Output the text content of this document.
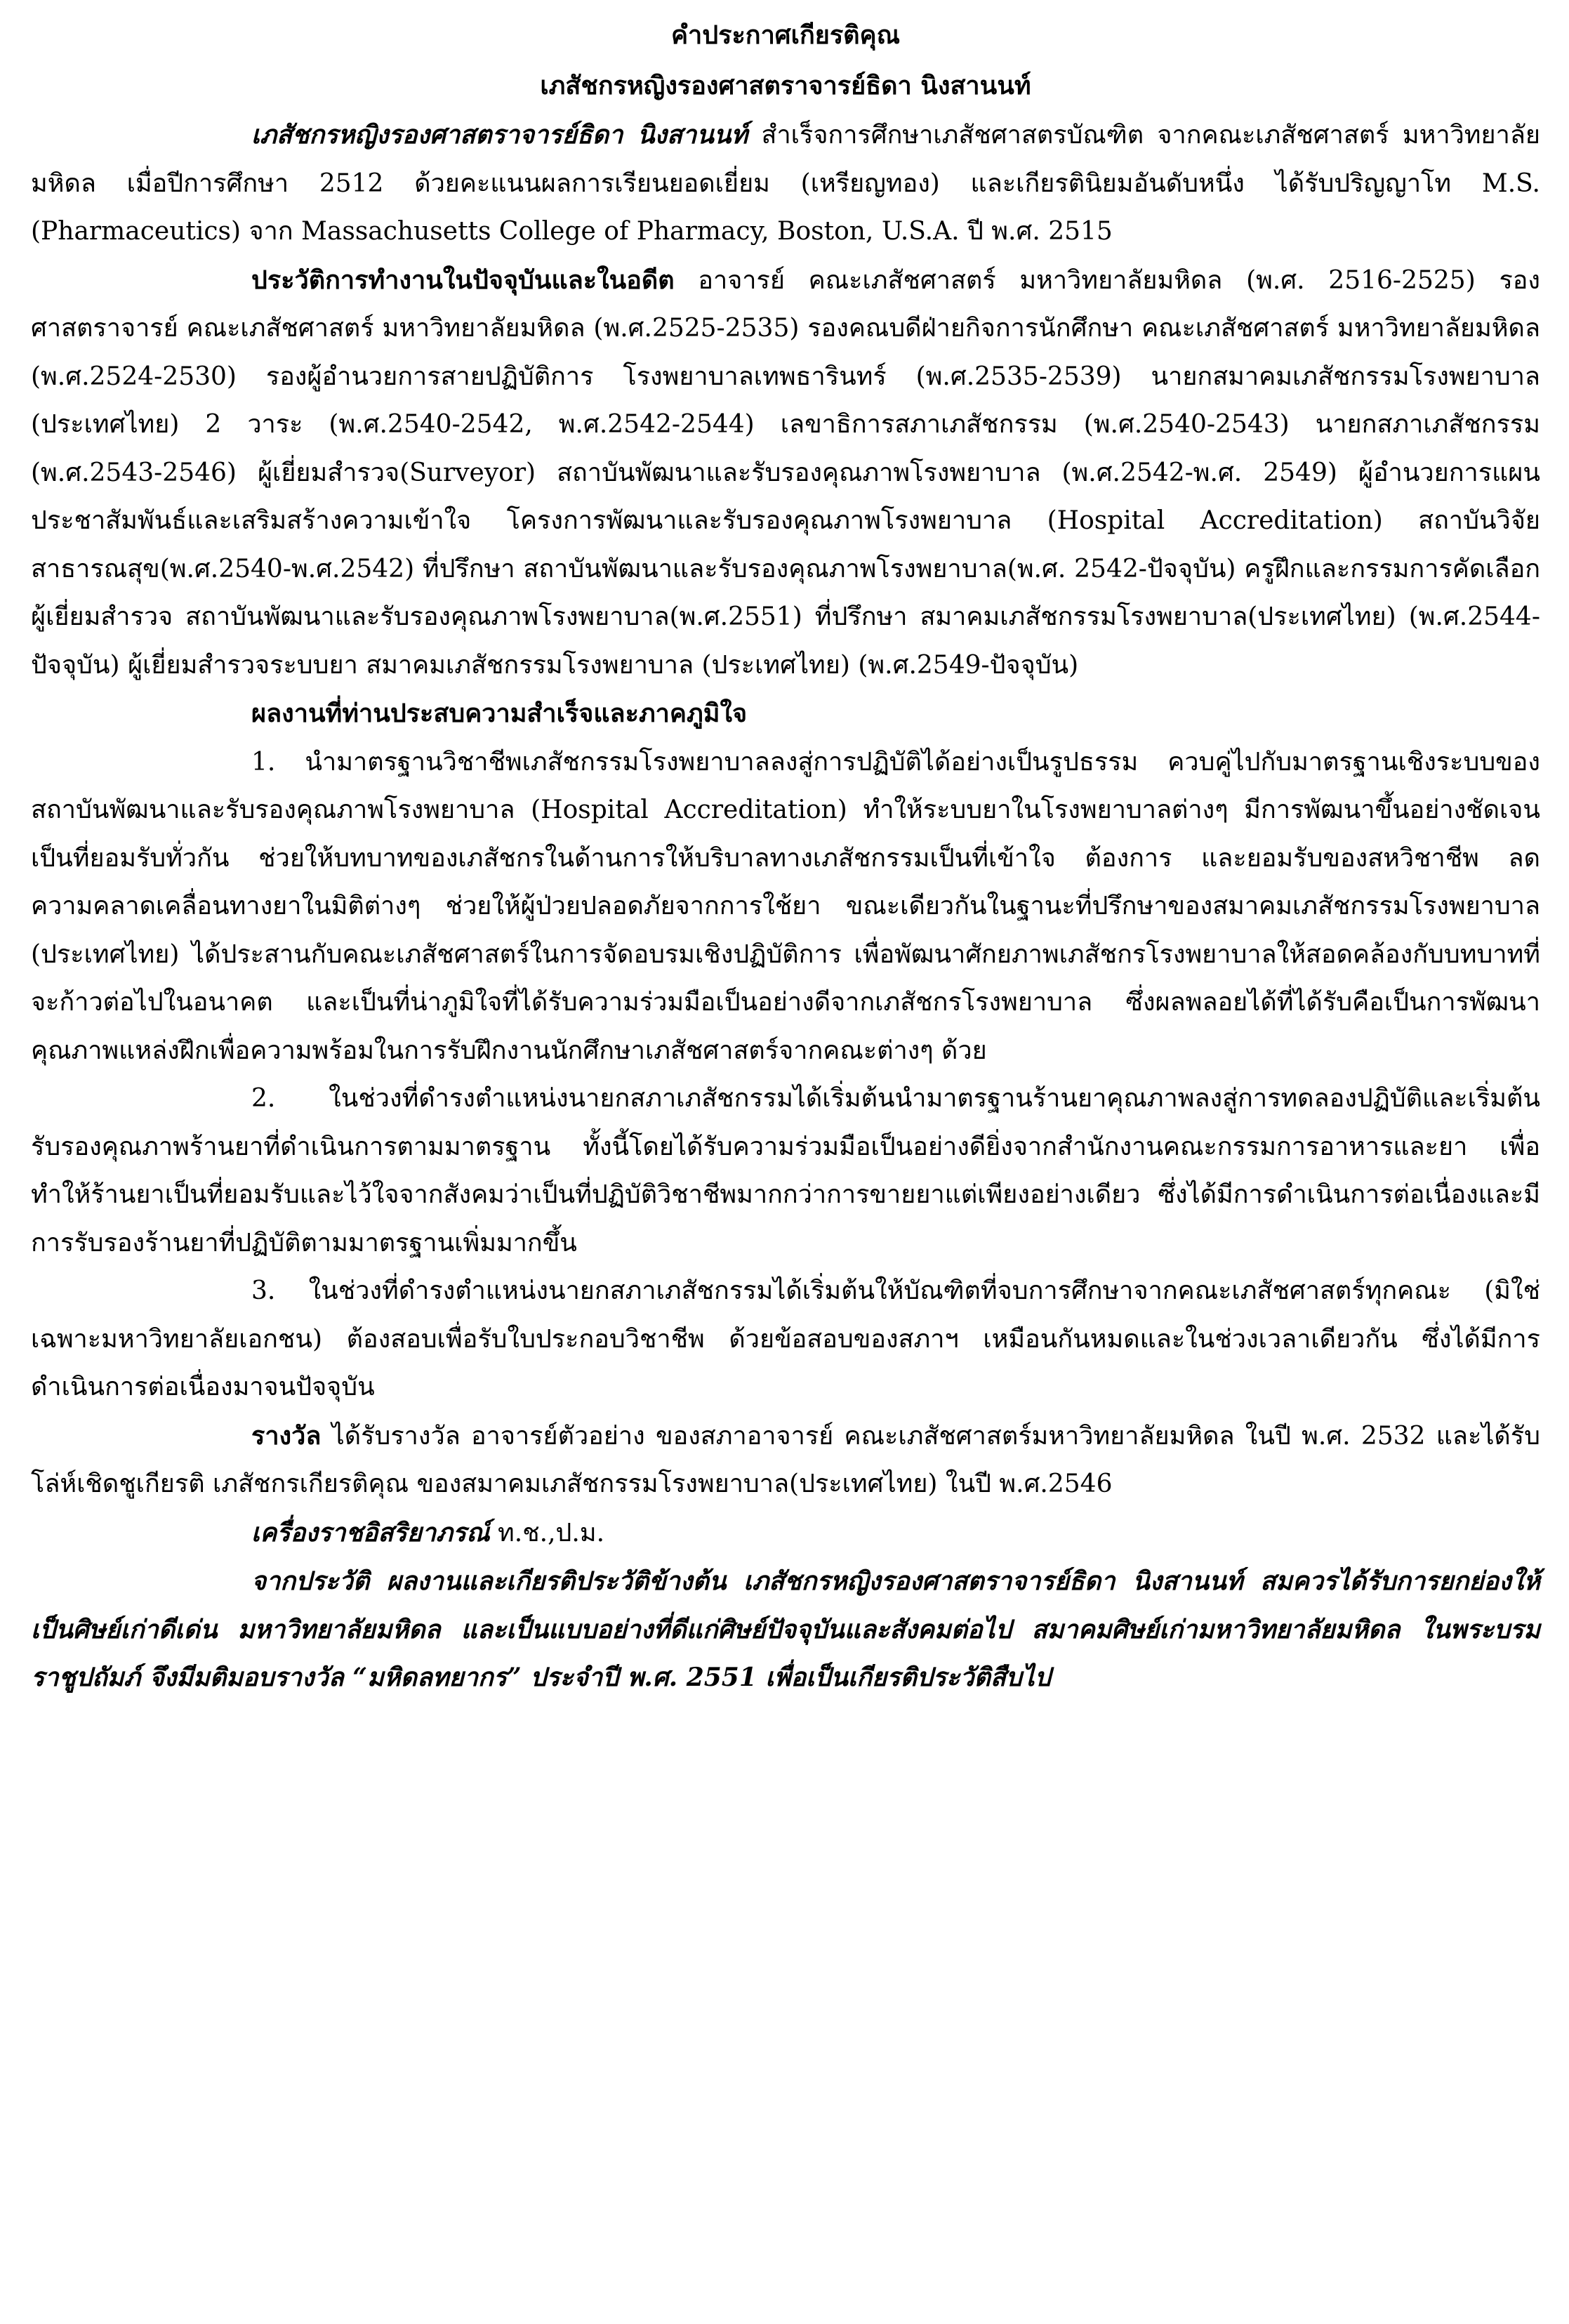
คำประกาศเกียรติคุณ
เภสัชกรหญิงรองศาสตราจารย์ธิดา นิงสานนท์

เภสัชกรหญิงรองศาสตราจารย์ธิดา นิงสานนท์ สำเร็จการศึกษาเภสัชศาสตรบัณฑิต จากคณะเภสัชศาสตร์ มหาวิทยาลัยมหิดล เมื่อปีการศึกษา 2512 ด้วยคะแนนผลการเรียนยอดเยี่ยม (เหรียญทอง) และเกียรตินิยมอันดับหนึ่ง ได้รับปริญญาโท M.S. (Pharmaceutics) จาก Massachusetts College of Pharmacy, Boston, U.S.A. ปี พ.ศ. 2515

ประวัติการทำงานในปัจจุบันและในอดีต อาจารย์ คณะเภสัชศาสตร์ มหาวิทยาลัยมหิดล (พ.ศ. 2516-2525) รองศาสตราจารย์ คณะเภสัชศาสตร์ มหาวิทยาลัยมหิดล (พ.ศ.2525-2535) รองคณบดีฝ่ายกิจการนักศึกษา คณะเภสัชศาสตร์ มหาวิทยาลัยมหิดล (พ.ศ.2524-2530) รองผู้อำนวยการสายปฏิบัติการ โรงพยาบาลเทพธารินทร์ (พ.ศ.2535-2539) นายกสมาคมเภสัชกรรมโรงพยาบาล (ประเทศไทย) 2 วาระ (พ.ศ.2540-2542, พ.ศ.2542-2544) เลขาธิการสภาเภสัชกรรม (พ.ศ.2540-2543) นายกสภาเภสัชกรรม (พ.ศ.2543-2546) ผู้เยี่ยมสำรวจ(Surveyor) สถาบันพัฒนาและรับรองคุณภาพโรงพยาบาล (พ.ศ.2542-พ.ศ. 2549) ผู้อำนวยการแผนประชาสัมพันธ์และเสริมสร้างความเข้าใจ โครงการพัฒนาและรับรองคุณภาพโรงพยาบาล (Hospital Accreditation) สถาบันวิจัยสาธารณสุข(พ.ศ.2540-พ.ศ.2542) ที่ปรึกษา สถาบันพัฒนาและรับรองคุณภาพโรงพยาบาล(พ.ศ. 2542-ปัจจุบัน) ครูฝึกและกรรมการคัดเลือกผู้เยี่ยมสำรวจ สถาบันพัฒนาและรับรองคุณภาพโรงพยาบาล(พ.ศ.2551) ที่ปรึกษา สมาคมเภสัชกรรมโรงพยาบาล(ประเทศไทย) (พ.ศ.2544-ปัจจุบัน) ผู้เยี่ยมสำรวจระบบยา สมาคมเภสัชกรรมโรงพยาบาล (ประเทศไทย) (พ.ศ.2549-ปัจจุบัน)

ผลงานที่ท่านประสบความสำเร็จและภาคภูมิใจ

1. นำมาตรฐานวิชาชีพเภสัชกรรมโรงพยาบาลลงสู่การปฏิบัติได้อย่างเป็นรูปธรรม ควบคู่ไปกับมาตรฐานเชิงระบบของสถาบันพัฒนาและรับรองคุณภาพโรงพยาบาล (Hospital Accreditation) ทำให้ระบบยาในโรงพยาบาลต่างๆ มีการพัฒนาขึ้นอย่างชัดเจนเป็นที่ยอมรับทั่วกัน ช่วยให้บทบาทของเภสัชกรในด้านการให้บริบาลทางเภสัชกรรมเป็นที่เข้าใจ ต้องการ และยอมรับของสหวิชาชีพ ลดความคลาดเคลื่อนทางยาในมิติต่างๆ ช่วยให้ผู้ป่วยปลอดภัยจากการใช้ยา ขณะเดียวกันในฐานะที่ปรึกษาของสมาคมเภสัชกรรมโรงพยาบาล (ประเทศไทย) ได้ประสานกับคณะเภสัชศาสตร์ในการจัดอบรมเชิงปฏิบัติการ เพื่อพัฒนาศักยภาพเภสัชกรโรงพยาบาลให้สอดคล้องกับบทบาทที่จะก้าวต่อไปในอนาคต และเป็นที่น่าภูมิใจที่ได้รับความร่วมมือเป็นอย่างดีจากเภสัชกรโรงพยาบาล ซึ่งผลพลอยได้ที่ได้รับคือเป็นการพัฒนาคุณภาพแหล่งฝึกเพื่อความพร้อมในการรับฝึกงานนักศึกษาเภสัชศาสตร์จากคณะต่างๆ ด้วย

2. ในช่วงที่ดำรงตำแหน่งนายกสภาเภสัชกรรมได้เริ่มต้นนำมาตรฐานร้านยาคุณภาพลงสู่การทดลองปฏิบัติและเริ่มต้นรับรองคุณภาพร้านยาที่ดำเนินการตามมาตรฐาน ทั้งนี้โดยได้รับความร่วมมือเป็นอย่างดียิ่งจากสำนักงานคณะกรรมการอาหารและยา เพื่อทำให้ร้านยาเป็นที่ยอมรับและไว้ใจจากสังคมว่าเป็นที่ปฏิบัติวิชาชีพมากกว่าการขายยาแต่เพียงอย่างเดียว ซึ่งได้มีการดำเนินการต่อเนื่องและมีการรับรองร้านยาที่ปฏิบัติตามมาตรฐานเพิ่มมากขึ้น

3. ในช่วงที่ดำรงตำแหน่งนายกสภาเภสัชกรรมได้เริ่มต้นให้บัณฑิตที่จบการศึกษาจากคณะเภสัชศาสตร์ทุกคณะ (มิใช่เฉพาะมหาวิทยาลัยเอกชน) ต้องสอบเพื่อรับใบประกอบวิชาชีพ ด้วยข้อสอบของสภาฯ เหมือนกันหมดและในช่วงเวลาเดียวกัน ซึ่งได้มีการดำเนินการต่อเนื่องมาจนปัจจุบัน

รางวัล ได้รับรางวัล อาจารย์ตัวอย่าง ของสภาอาจารย์ คณะเภสัชศาสตร์มหาวิทยาลัยมหิดล ในปี พ.ศ. 2532 และได้รับโล่ห์เชิดชูเกียรติ เภสัชกรเกียรติคุณ ของสมาคมเภสัชกรรมโรงพยาบาล(ประเทศไทย) ในปี พ.ศ.2546

เครื่องราชอิสริยาภรณ์ ท.ช.,ป.ม.

จากประวัติ ผลงานและเกียรติประวัติข้างต้น เภสัชกรหญิงรองศาสตราจารย์ธิดา นิงสานนท์ สมควรได้รับการยกย่องให้เป็นศิษย์เก่าดีเด่น มหาวิทยาลัยมหิดล และเป็นแบบอย่างที่ดีแก่ศิษย์ปัจจุบันและสังคมต่อไป สมาคมศิษย์เก่ามหาวิทยาลัยมหิดล ในพระบรมราชูปถัมภ์ จึงมีมติมอบรางวัล “มหิดลทยากร” ประจำปี พ.ศ. 2551 เพื่อเป็นเกียรติประวัติสืบไป
